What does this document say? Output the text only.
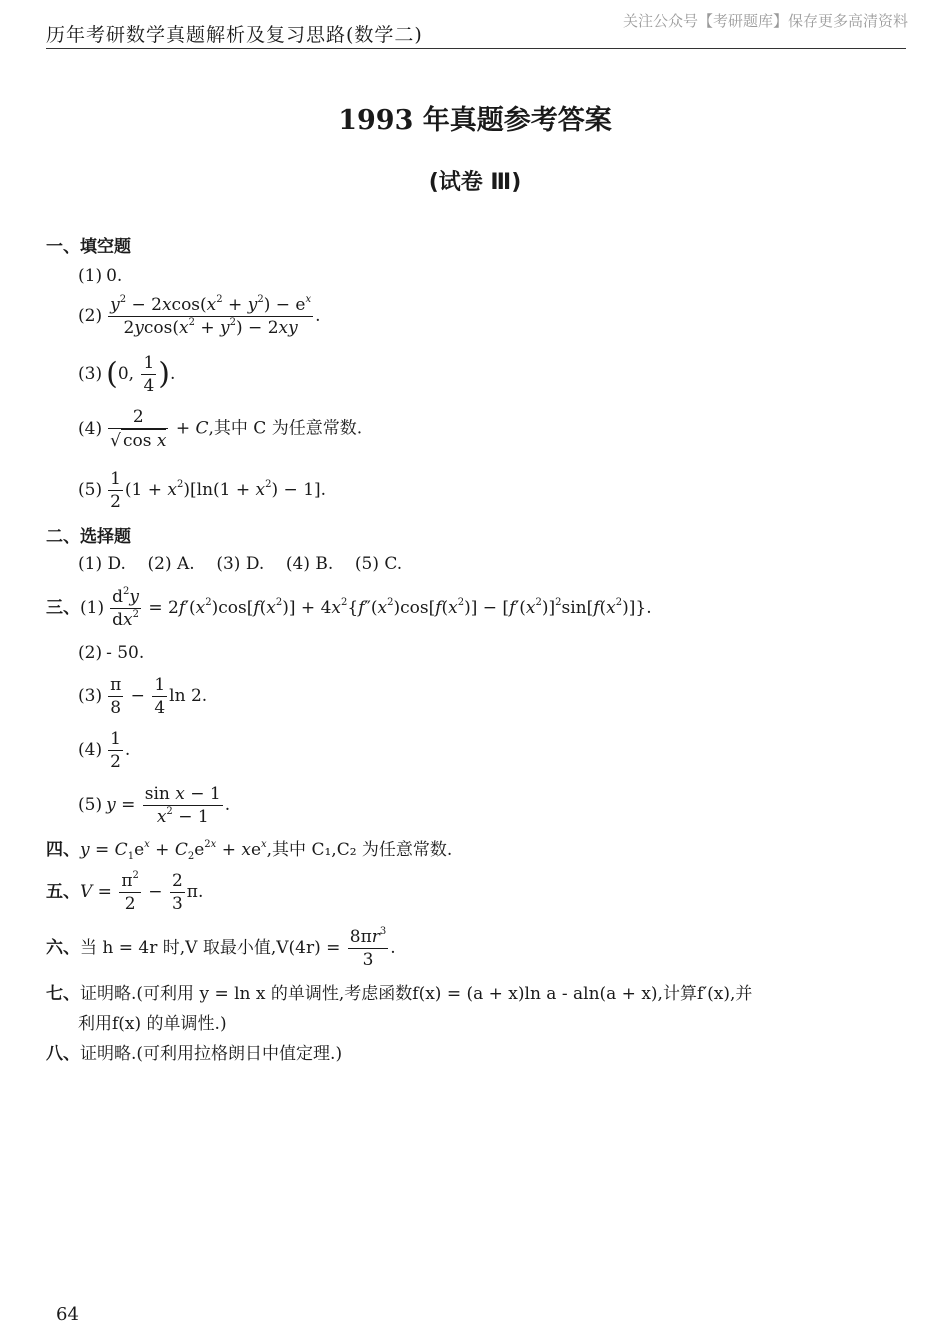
历年考研数学真题解析及复习思路(数学二)
关注公众号【考研题库】保存更多高清资料
1993 年真题参考答案
(试卷 Ⅲ)
一、填空题
(1) 0.
$(2) \frac{y^2 - 2xcos(x^2 + y^2) - e^x}{2ycos(x^2 + y^2) - 2xy}$ .
(3) (0, $\frac{1}{4}$ ).
$(4) \frac{2}{\text{√ cos x}} + C$,其中 C 为任意常数.
$(5) \frac{1}{2} (1 + x^2)[\ln(1 + x^2) - 1]$.
二、选择题
(1) D. (2) A. (3) D. (4) B. (5) C.
三、$(1) \frac{d^2y}{dx^2} = 2f'(x^2)\cos[f(x^2)] + 4x^2\{f''(x^2)\cos[f(x^2)] - [f'(x^2)]^2\sin[f(x^2)]\}$.
(2) - 50.
$(3) \frac{\pi}{8} - \frac{1}{4}$ ln 2.
$(4) \frac{1}{2}$ .
(5) $y = \frac{\text{sin x − 1}}{x^2 - 1}$ .
四、$y = C_1e^x + C_2e^{2x} + xe^x$,其中 C₁,C₂ 为任意常数.
五、$V = \frac{\pi^2}{2} - \frac{2}{3} \pi$.
六、当 h = 4r 时,V 取最小值$,V(4r) = \frac{8\pi r^3}{3}$ .
七、证明略.(可利用 y = ln x 的单调性,考虑函数f(x) = (a + x)ln a - aln(a + x),计算f′(x),并
利用f(x) 的单调性.)
八、证明略.(可利用拉格朗日中值定理.)
64
